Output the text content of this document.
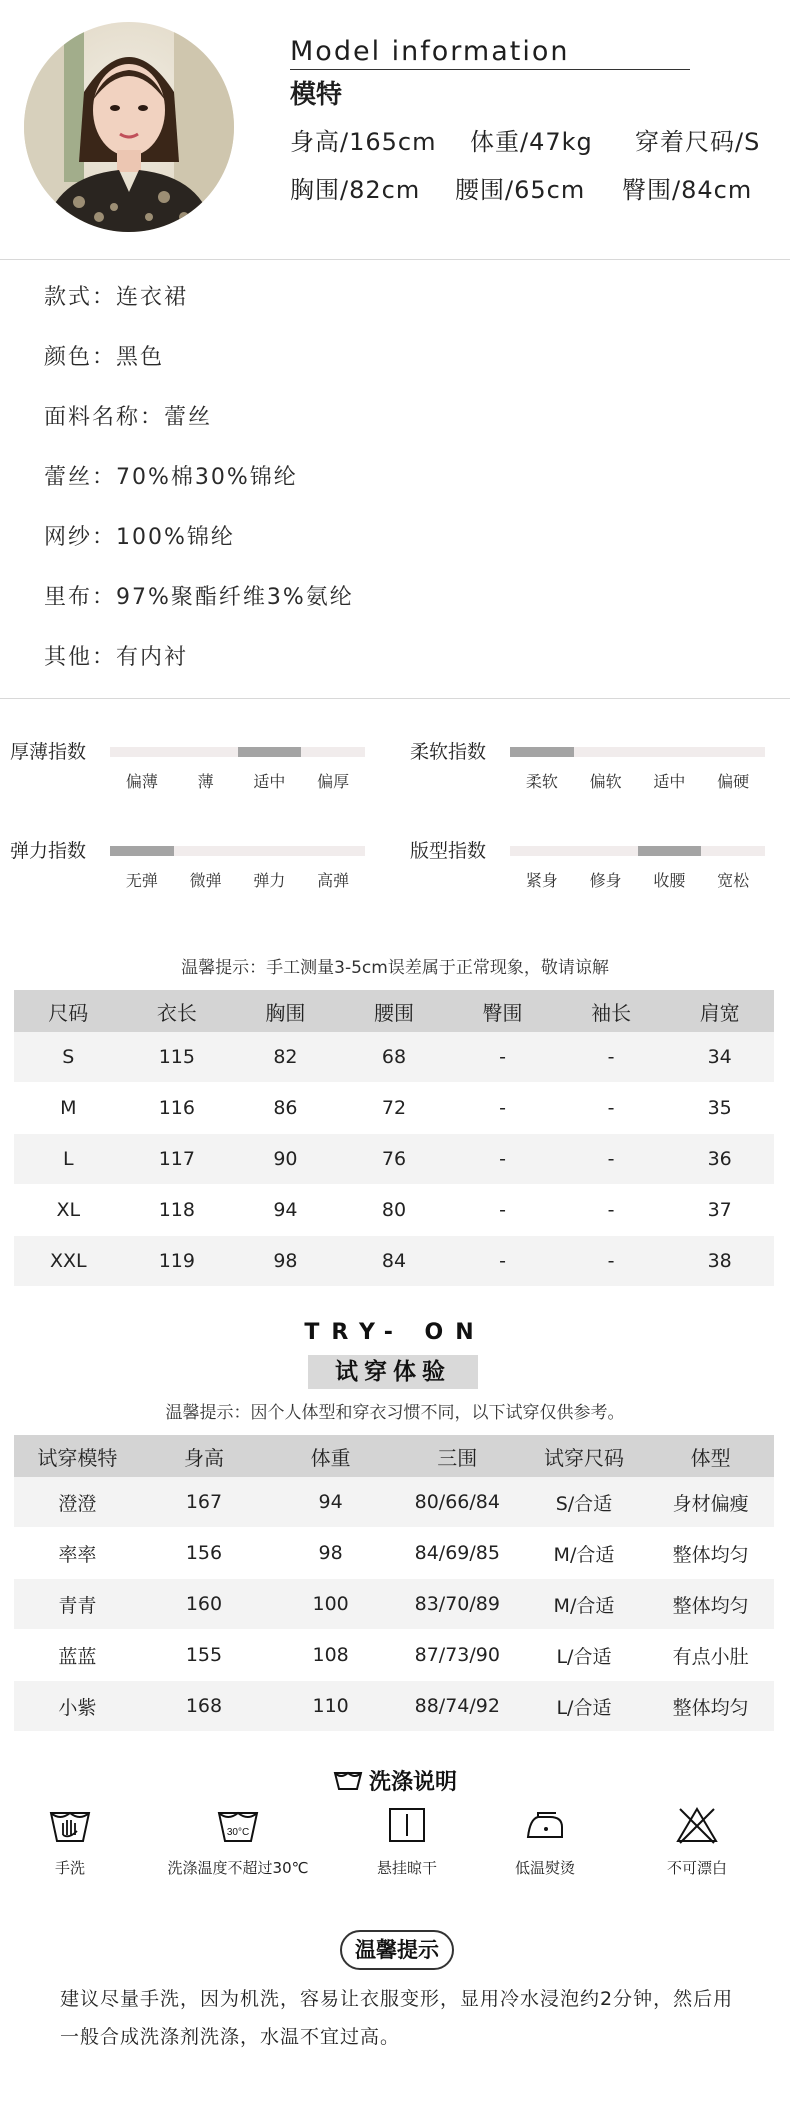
Model information
模特
身高/165cm 体重/47kg 穿着尺码/S
胸围/82cm 腰围/65cm 臀围/84cm
款式：连衣裙
颜色：黑色
面料名称：蕾丝
蕾丝：70%棉30%锦纶
网纱：100%锦纶
里布：97%聚酯纤维3%氨纶
其他：有内衬
厚薄指数
偏薄 薄 适中 偏厚
柔软指数
柔软 偏软 适中 偏硬
弹力指数
无弹 微弹 弹力 高弹
版型指数
紧身 修身 收腰 宽松
温馨提示：手工测量3-5cm误差属于正常现象，敬请谅解
尺码	衣长	胸围	腰围	臀围	袖长	肩宽
S	115	82	68	-	-	34
M	116	86	72	-	-	35
L	117	90	76	-	-	36
XL	118	94	80	-	-	37
XXL	119	98	84	-	-	38
TRY- ON
试穿体验
温馨提示：因个人体型和穿衣习惯不同，以下试穿仅供参考。
试穿模特	身高	体重	三围	试穿尺码	体型
澄澄	167	94	80/66/84	S/合适	身材偏瘦
率率	156	98	84/69/85	M/合适	整体均匀
青青	160	100	83/70/89	M/合适	整体均匀
蓝蓝	155	108	87/73/90	L/合适	有点小肚
小紫	168	110	88/74/92	L/合适	整体均匀
洗涤说明
手洗
30°C
洗涤温度不超过30℃	悬挂晾干	低温熨烫	不可漂白
温馨提示
建议尽量手洗，因为机洗，容易让衣服变形，显用冷水浸泡约2分钟，然后用一般合成洗涤剂洗涤，水温不宜过高。
